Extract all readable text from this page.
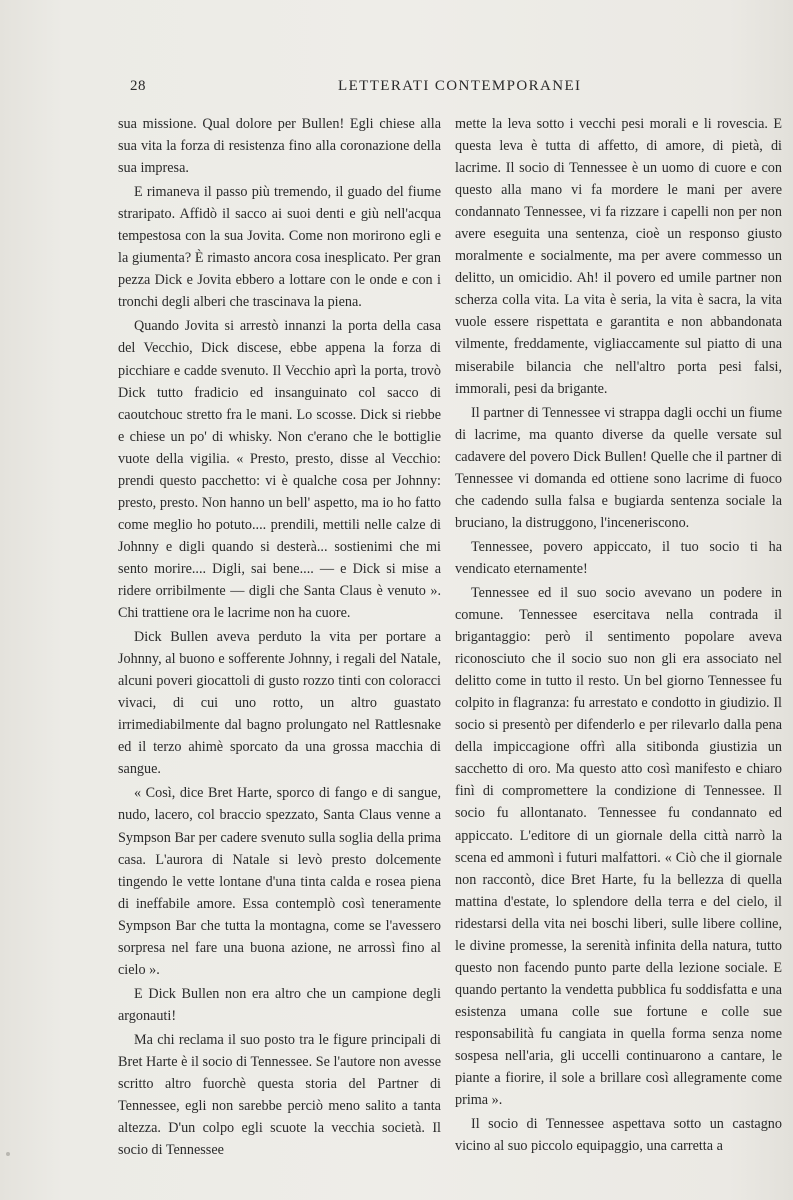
28	LETTERATI CONTEMPORANEI

sua missione. Qual dolore per Bullen! Egli chiese alla sua vita la forza di resistenza fino alla coronazione della sua impresa.

E rimaneva il passo più tremendo, il guado del fiume straripato. Affidò il sacco ai suoi denti e giù nell'acqua tempestosa con la sua Jovita. Come non morirono egli e la giumenta? È rimasto ancora cosa inesplicato. Per gran pezza Dick e Jovita ebbero a lottare con le onde e con i tronchi degli alberi che trascinava la piena.

Quando Jovita si arrestò innanzi la porta della casa del Vecchio, Dick discese, ebbe appena la forza di picchiare e cadde svenuto. Il Vecchio aprì la porta, trovò Dick tutto fradicio ed insanguinato col sacco di caoutchouc stretto fra le mani. Lo scosse. Dick si riebbe e chiese un po' di whisky. Non c'erano che le bottiglie vuote della vigilia. « Presto, presto, disse al Vecchio: prendi questo pacchetto: vi è qualche cosa per Johnny: presto, presto. Non hanno un bell' aspetto, ma io ho fatto come meglio ho potuto.... prendili, mettili nelle calze di Johnny e digli quando si desterà... sostienimi che mi sento morire.... Digli, sai bene.... — e Dick si mise a ridere orribilmente — digli che Santa Claus è venuto ». Chi trattiene ora le lacrime non ha cuore.

Dick Bullen aveva perduto la vita per portare a Johnny, al buono e sofferente Johnny, i regali del Natale, alcuni poveri giocattoli di gusto rozzo tinti con coloracci vivaci, di cui uno rotto, un altro guastato irrimediabilmente dal bagno prolungato nel Rattlesnake ed il terzo ahimè sporcato da una grossa macchia di sangue.

« Così, dice Bret Harte, sporco di fango e di sangue, nudo, lacero, col braccio spezzato, Santa Claus venne a Sympson Bar per cadere svenuto sulla soglia della prima casa. L'aurora di Natale si levò presto dolcemente tingendo le vette lontane d'una tinta calda e rosea piena di ineffabile amore. Essa contemplò così teneramente Sympson Bar che tutta la montagna, come se l'avessero sorpresa nel fare una buona azione, ne arrossì fino al cielo ».

E Dick Bullen non era altro che un campione degli argonauti!

Ma chi reclama il suo posto tra le figure principali di Bret Harte è il socio di Tennessee. Se l'autore non avesse scritto altro fuorchè questa storia del Partner di Tennessee, egli non sarebbe perciò meno salito a tanta altezza. D'un colpo egli scuote la vecchia società. Il socio di Tennessee

mette la leva sotto i vecchi pesi morali e li rovescia. E questa leva è tutta di affetto, di amore, di pietà, di lacrime. Il socio di Tennessee è un uomo di cuore e con questo alla mano vi fa mordere le mani per avere condannato Tennessee, vi fa rizzare i capelli non per non avere eseguita una sentenza, cioè un responso giusto moralmente e socialmente, ma per avere commesso un delitto, un omicidio. Ah! il povero ed umile partner non scherza colla vita. La vita è seria, la vita è sacra, la vita vuole essere rispettata e garantita e non abbandonata vilmente, freddamente, vigliaccamente sul piatto di una miserabile bilancia che nell'altro porta pesi falsi, immorali, pesi da brigante.

Il partner di Tennessee vi strappa dagli occhi un fiume di lacrime, ma quanto diverse da quelle versate sul cadavere del povero Dick Bullen! Quelle che il partner di Tennessee vi domanda ed ottiene sono lacrime di fuoco che cadendo sulla falsa e bugiarda sentenza sociale la bruciano, la distruggono, l'inceneriscono.

Tennessee, povero appiccato, il tuo socio ti ha vendicato eternamente!

Tennessee ed il suo socio avevano un podere in comune. Tennessee esercitava nella contrada il brigantaggio: però il sentimento popolare aveva riconosciuto che il socio suo non gli era associato nel delitto come in tutto il resto. Un bel giorno Tennessee fu colpito in flagranza: fu arrestato e condotto in giudizio. Il socio si presentò per difenderlo e per rilevarlo dalla pena della impiccagione offrì alla sitibonda giustizia un sacchetto di oro. Ma questo atto così manifesto e chiaro finì di compromettere la condizione di Tennessee. Il socio fu allontanato. Tennessee fu condannato ed appiccato. L'editore di un giornale della città narrò la scena ed ammonì i futuri malfattori. « Ciò che il giornale non raccontò, dice Bret Harte, fu la bellezza di quella mattina d'estate, lo splendore della terra e del cielo, il ridestarsi della vita nei boschi liberi, sulle libere colline, le divine promesse, la serenità infinita della natura, tutto questo non facendo punto parte della lezione sociale. E quando pertanto la vendetta pubblica fu soddisfatta e una esistenza umana colle sue fortune e colle sue responsabilità fu cangiata in quella forma senza nome sospesa nell'aria, gli uccelli continuarono a cantare, le piante a fiorire, il sole a brillare così allegramente come prima ».

Il socio di Tennessee aspettava sotto un castagno vicino al suo piccolo equipaggio, una carretta a
